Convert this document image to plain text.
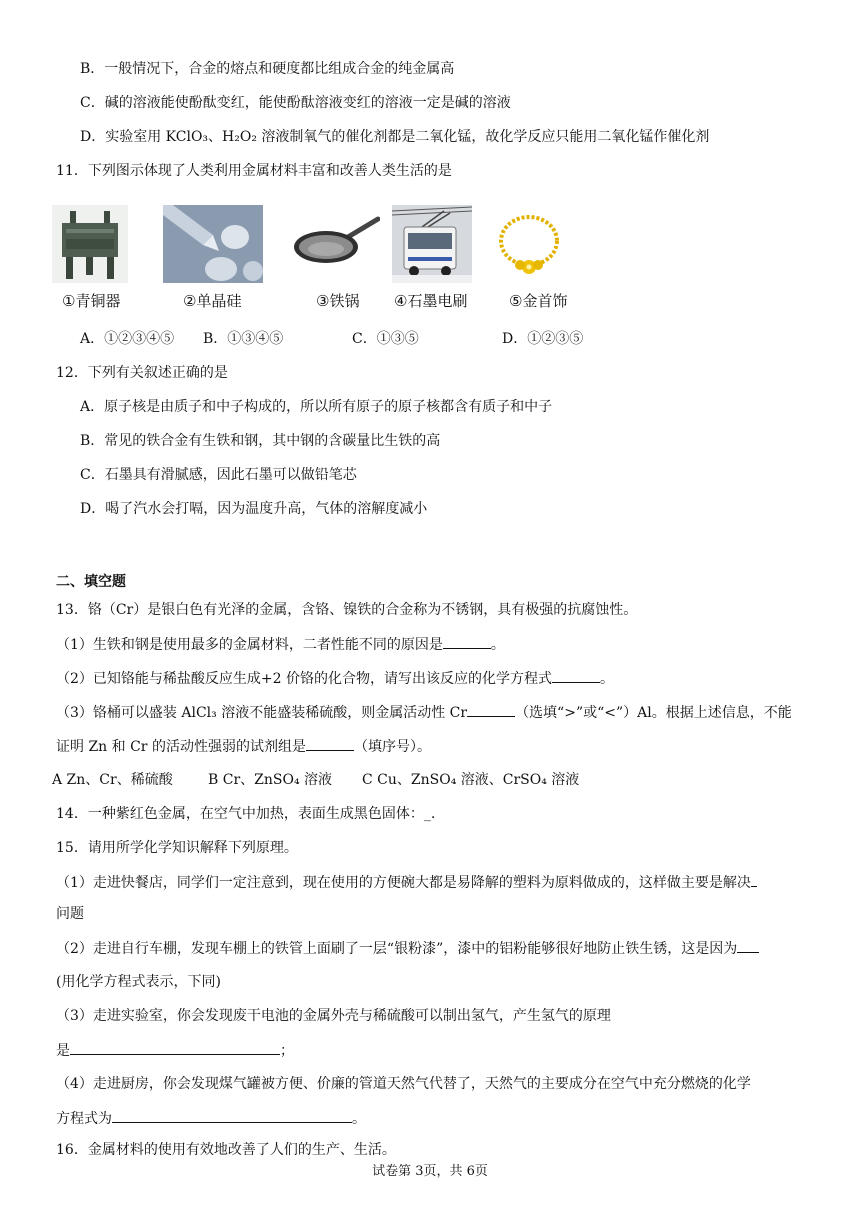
B．一般情况下，合金的熔点和硬度都比组成合金的纯金属高
C．碱的溶液能使酚酞变红，能使酚酞溶液变红的溶液一定是碱的溶液
D．实验室用 KClO₃、H₂O₂ 溶液制氧气的催化剂都是二氧化锰，故化学反应只能用二氧化锰作催化剂
11．下列图示体现了人类利用金属材料丰富和改善人类生活的是
①青铜器	②单晶硅	③铁锅 ④石墨电刷	⑤金首饰
A．①②③④⑤ B．①③④⑤	C．①③⑤	D．①②③⑤
12．下列有关叙述正确的是
A．原子核是由质子和中子构成的，所以所有原子的原子核都含有质子和中子
B．常见的铁合金有生铁和钢，其中钢的含碳量比生铁的高
C．石墨具有滑腻感，因此石墨可以做铅笔芯
D．喝了汽水会打嗝，因为温度升高，气体的溶解度减小
二、填空题
13．铬（Cr）是银白色有光泽的金属，含铬、镍铁的合金称为不锈钢，具有极强的抗腐蚀性。
（1）生铁和钢是使用最多的金属材料，二者性能不同的原因是	。
（2）已知铬能与稀盐酸反应生成+2 价铬的化合物，请写出该反应的化学方程式	。
（3）铬桶可以盛装 AlCl₃ 溶液不能盛装稀硫酸，则金属活动性 Cr	（选填“>”或“<”）Al。根据上述信息，不能
证明 Zn 和 Cr 的活动性强弱的试剂组是	（填序号）。
A Zn、Cr、稀硫酸	B Cr、ZnSO₄ 溶液 C Cu、ZnSO₄ 溶液、CrSO₄ 溶液
14．一种紫红色金属，在空气中加热，表面生成黑色固体：_.
15．请用所学化学知识解释下列原理。
（1）走进快餐店，同学们一定注意到，现在使用的方便碗大都是易降解的塑料为原料做成的，这样做主要是解决
问题
（2）走进自行车棚，发现车棚上的铁管上面刷了一层“银粉漆”，漆中的铝粉能够很好地防止铁生锈，这是因为
(用化学方程式表示，下同)
（3）走进实验室，你会发现废干电池的金属外壳与稀硫酸可以制出氢气，产生氢气的原理
是	；
（4）走进厨房，你会发现煤气罐被方便、价廉的管道天然气代替了，天然气的主要成分在空气中充分燃烧的化学
方程式为	。
16．金属材料的使用有效地改善了人们的生产、生活。
试卷第 3页，共 6页
